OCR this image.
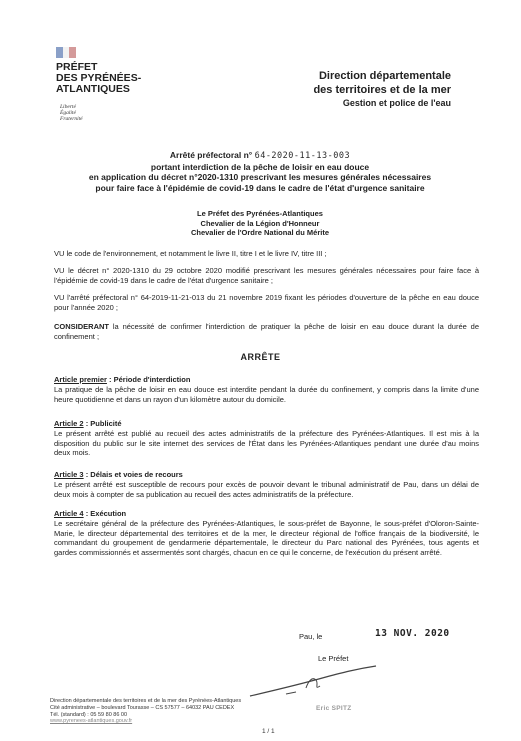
PRÉFET
DES PYRÉNÉES-
ATLANTIQUES
Liberté
Égalité
Fraternité
Direction départementale
des territoires et de la mer
Gestion et police de l'eau
Arrêté préfectoral n° 64-2020-11-13-003
portant interdiction de la pêche de loisir en eau douce
en application du décret n°2020-1310 prescrivant les mesures générales nécessaires
pour faire face à l'épidémie de covid-19 dans le cadre de l'état d'urgence sanitaire
Le Préfet des Pyrénées-Atlantiques
Chevalier de la Légion d'Honneur
Chevalier de l'Ordre National du Mérite
VU le code de l'environnement, et notamment le livre II, titre I et le livre IV, titre III ;
VU le décret n° 2020-1310 du 29 octobre 2020 modifié prescrivant les mesures générales nécessaires pour faire face à l'épidémie de covid-19 dans le cadre de l'état d'urgence sanitaire ;
VU l'arrêté préfectoral n° 64-2019-11-21-013 du 21 novembre 2019 fixant les périodes d'ouverture de la pêche en eau douce pour l'année 2020 ;
CONSIDERANT la nécessité de confirmer l'interdiction de pratiquer la pêche de loisir en eau douce durant la durée de confinement ;
ARRÊTE
Article premier : Période d'interdiction
La pratique de la pêche de loisir en eau douce est interdite pendant la durée du confinement, y compris dans la limite d'une heure quotidienne et dans un rayon d'un kilomètre autour du domicile.
Article 2 : Publicité
Le présent arrêté est publié au recueil des actes administratifs de la préfecture des Pyrénées-Atlantiques. Il est mis à la disposition du public sur le site internet des services de l'État dans les Pyrénées-Atlantiques pendant une durée d'au moins deux mois.
Article 3 : Délais et voies de recours
Le présent arrêté est susceptible de recours pour excès de pouvoir devant le tribunal administratif de Pau, dans un délai de deux mois à compter de sa publication au recueil des actes administratifs de la préfecture.
Article 4 : Exécution
Le secrétaire général de la préfecture des Pyrénées-Atlantiques, le sous-préfet de Bayonne, le sous-préfet d'Oloron-Sainte-Marie, le directeur départemental des territoires et de la mer, le directeur régional de l'office français de la biodiversité, le commandant du groupement de gendarmerie départementale, le directeur du Parc national des Pyrénées, tous agents et gardes commissionnés et assermentés sont chargés, chacun en ce qui le concerne, de l'exécution du présent arrêté.
Pau, le	13 NOV. 2020
Le Préfet
Eric SPITZ
Direction départementale des territoires et de la mer des Pyrénées-Atlantiques
Cité administrative – boulevard Tourasse – CS 57577 – 64032 PAU CEDEX
Tél. (standard) : 05 59 80 86 00
www.pyrenees-atlantiques.gouv.fr
1 / 1
